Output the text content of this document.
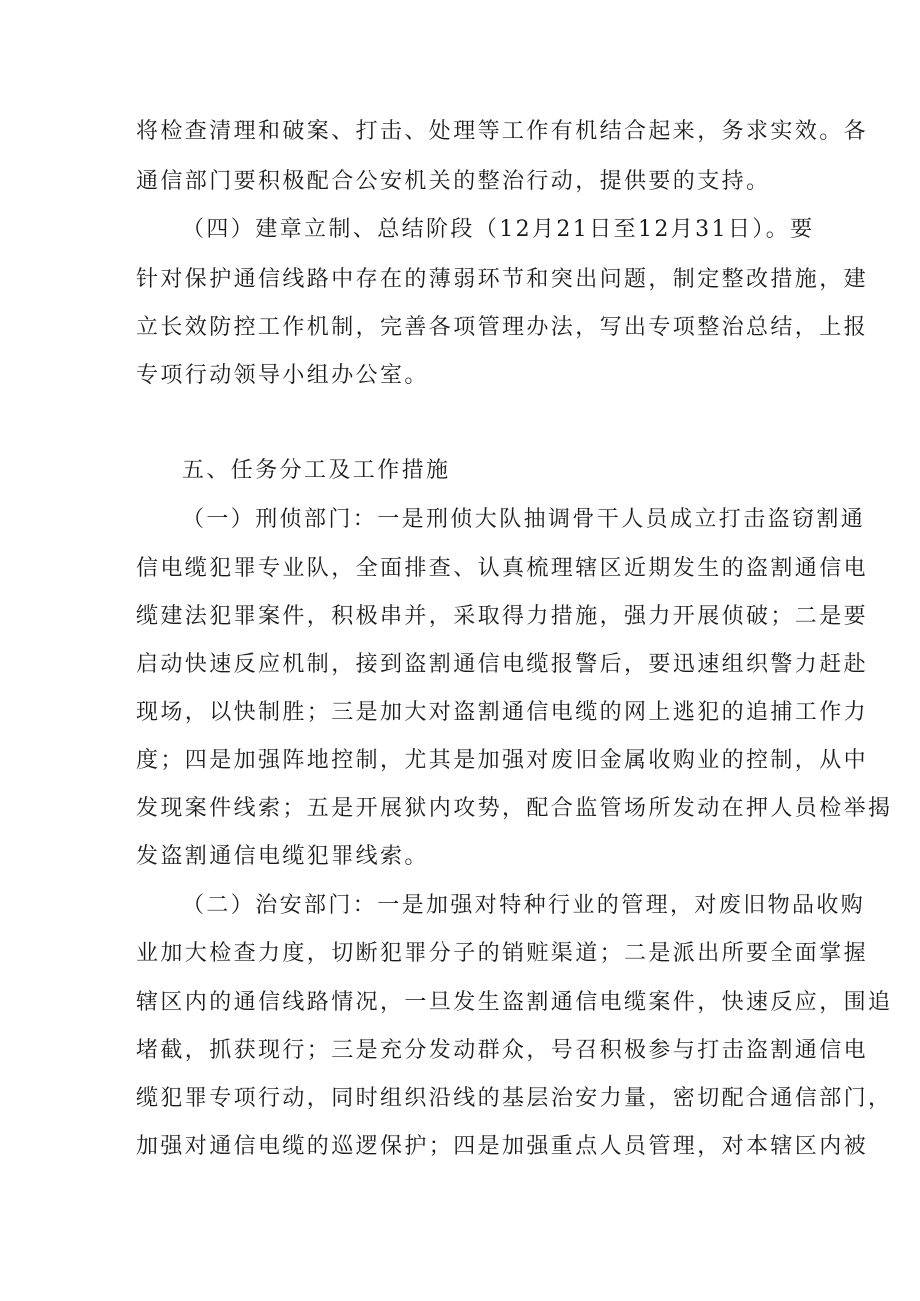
将检查清理和破案、打击、处理等工作有机结合起来，务求实效。各
通信部门要积极配合公安机关的整治行动，提供要的支持。
（四）建章立制、总结阶段（12月21日至12月31日）。要
针对保护通信线路中存在的薄弱环节和突出问题，制定整改措施，建
立长效防控工作机制，完善各项管理办法，写出专项整治总结，上报
专项行动领导小组办公室。
五、任务分工及工作措施
（一）刑侦部门：一是刑侦大队抽调骨干人员成立打击盗窃割通
信电缆犯罪专业队，全面排查、认真梳理辖区近期发生的盗割通信电
缆建法犯罪案件，积极串并，采取得力措施，强力开展侦破；二是要
启动快速反应机制，接到盗割通信电缆报警后，要迅速组织警力赶赴
现场，以快制胜；三是加大对盗割通信电缆的网上逃犯的追捕工作力
度；四是加强阵地控制，尤其是加强对废旧金属收购业的控制，从中
发现案件线索；五是开展狱内攻势，配合监管场所发动在押人员检举揭
发盗割通信电缆犯罪线索。
（二）治安部门：一是加强对特种行业的管理，对废旧物品收购
业加大检查力度，切断犯罪分子的销赃渠道；二是派出所要全面掌握
辖区内的通信线路情况，一旦发生盗割通信电缆案件，快速反应，围追
堵截，抓获现行；三是充分发动群众，号召积极参与打击盗割通信电
缆犯罪专项行动，同时组织沿线的基层治安力量，密切配合通信部门，
加强对通信电缆的巡逻保护；四是加强重点人员管理，对本辖区内被
